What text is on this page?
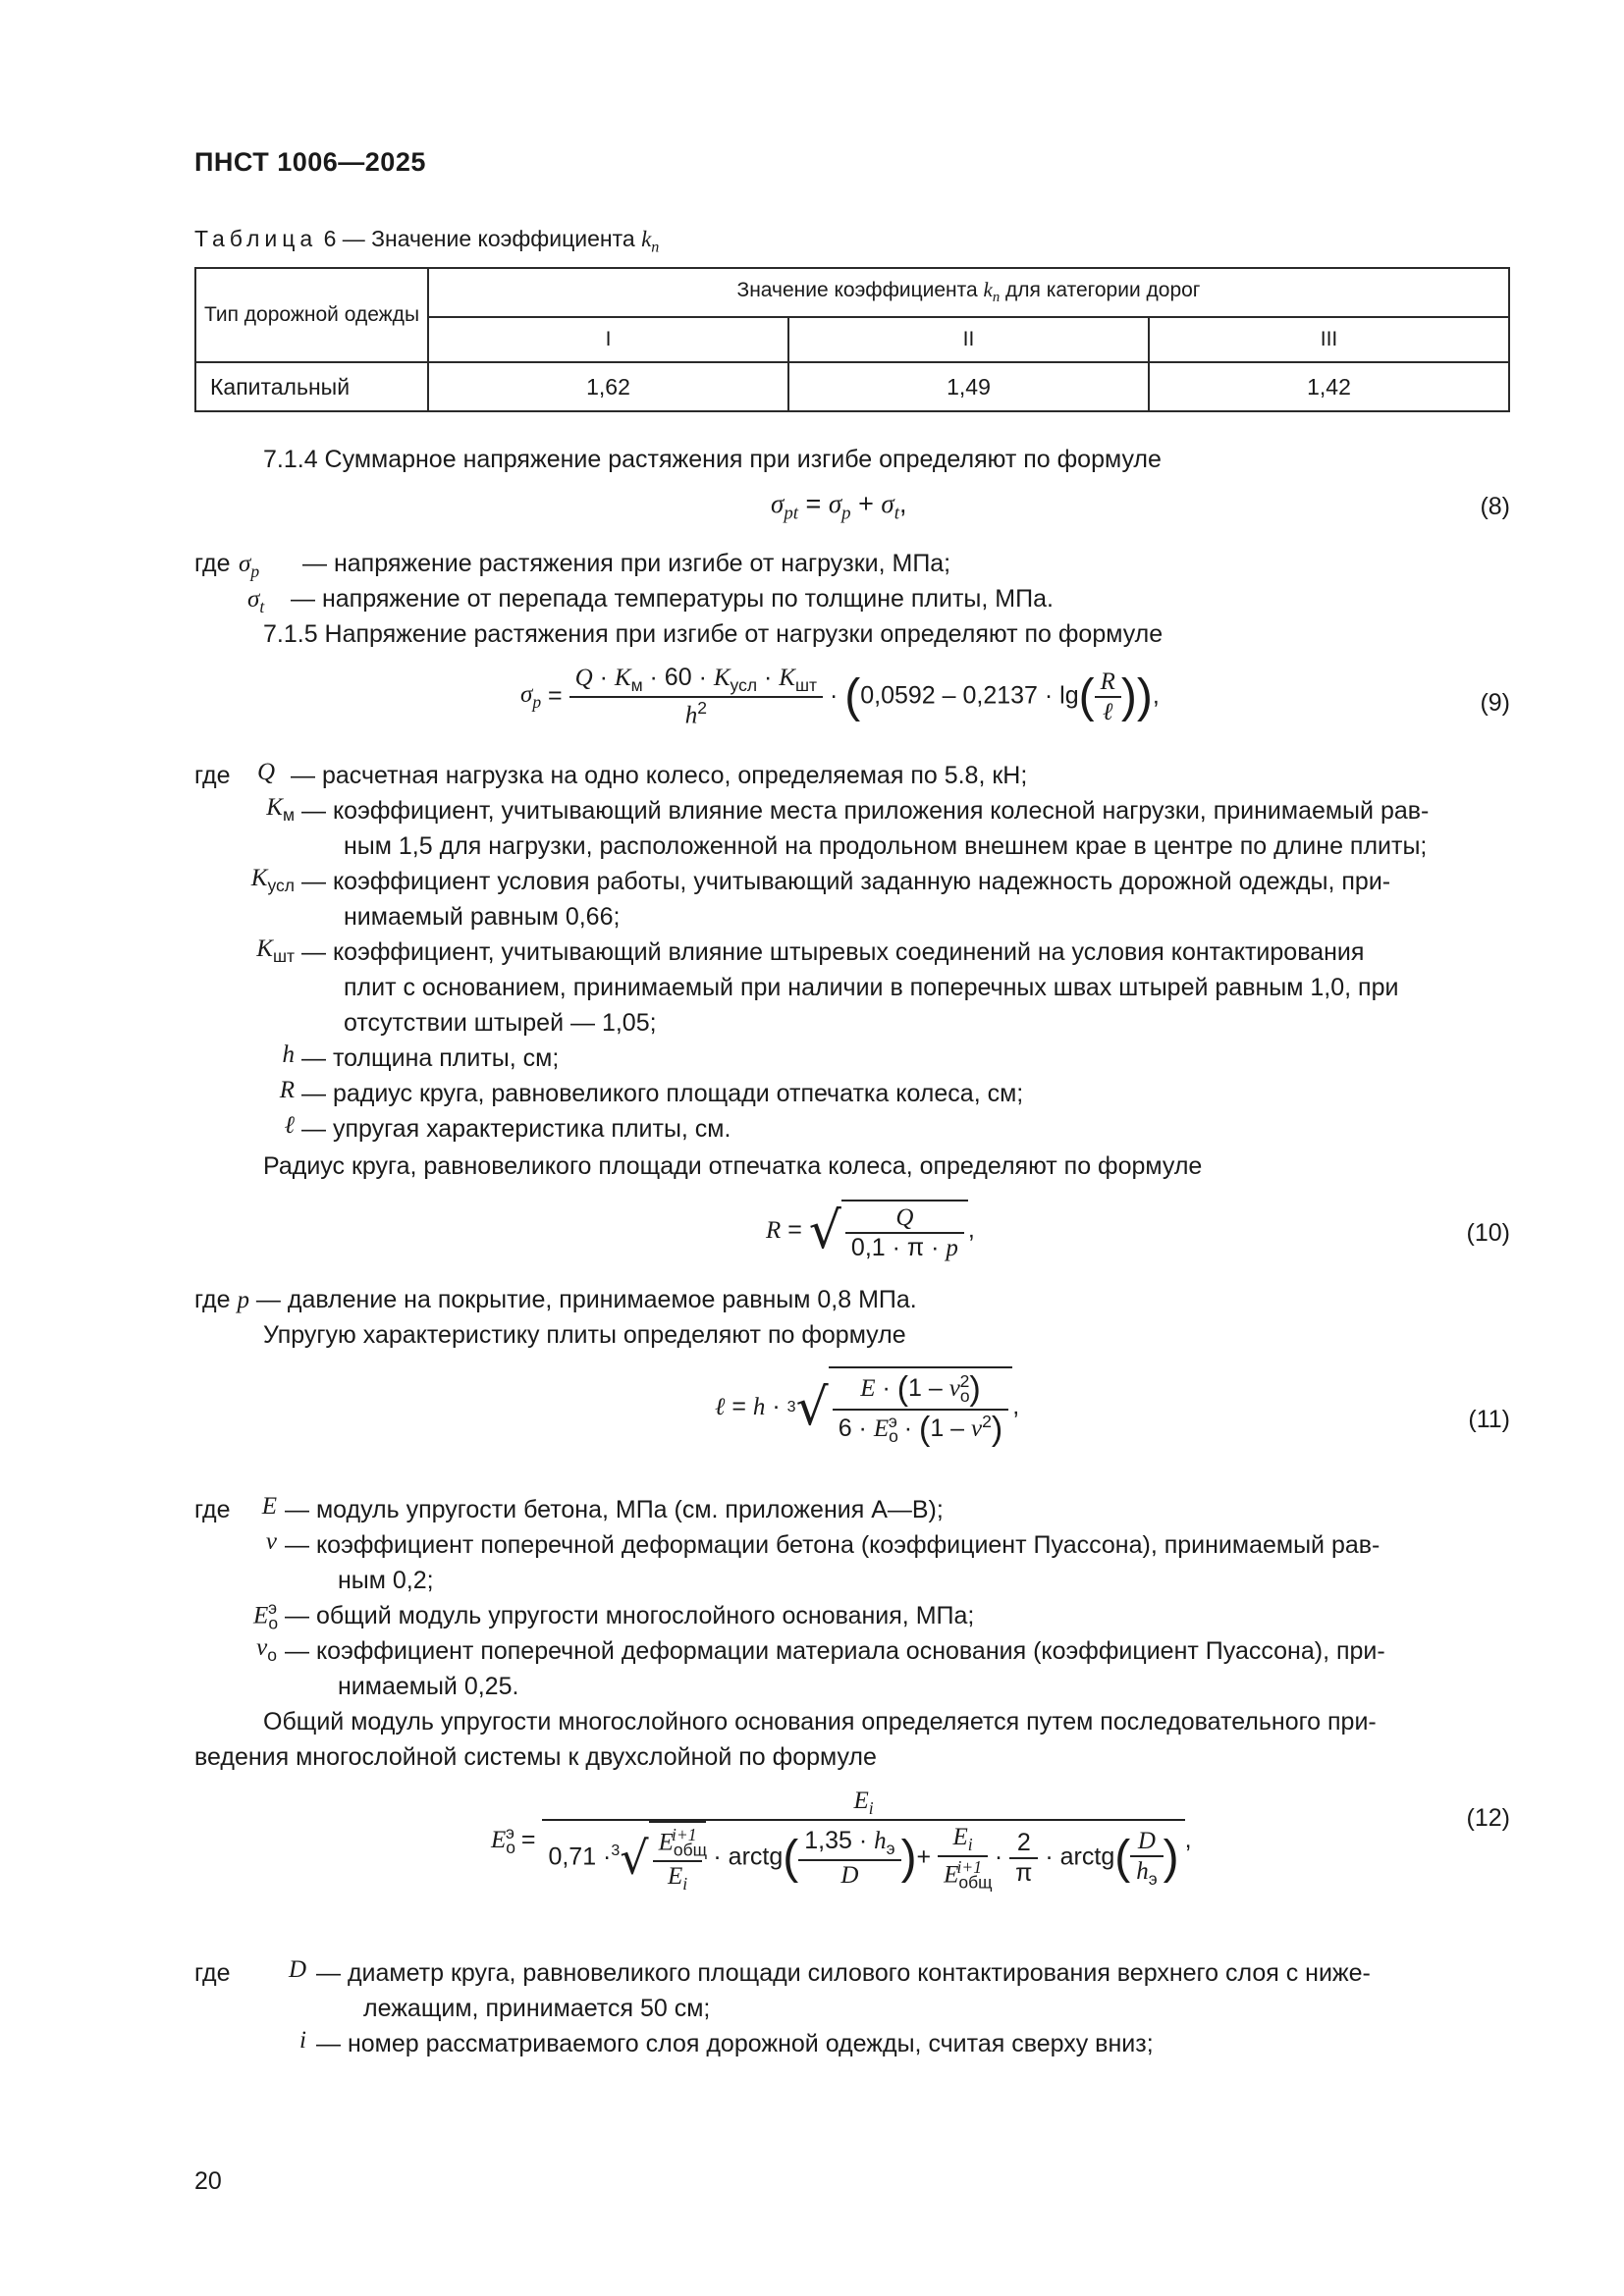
ПНСТ 1006—2025
Таблица 6 — Значение коэффициента $k_n$
Тип дорожной одежды	Значение коэффициента $k_n$ для категории дорог		
	I	II	III
Капитальный	1,62	1,49	1,42
7.1.4 Суммарное напряжение растяжения при изгибе определяют по формуле
$\sigma_{pt} = \sigma_p + \sigma_t$,	(8)
где $\sigma_p$ — напряжение растяжения при изгибе от нагрузки, МПа;
$\sigma_t$ — напряжение от перепада температуры по толщине плиты, МПа.
7.1.5 Напряжение растяжения при изгибе от нагрузки определяют по формуле
$\sigma_p = \frac{Q \cdot K_м \cdot 60 \cdot K_{усл} \cdot K_{шт}}{h^2} \cdot (0,0592 - 0,2137 \cdot \lg( \frac{R}{\text{ℓ}}$ )),	(9)
где	Q — расчетная нагрузка на одно колесо, определяемая по 5.8, кН;
$K_м$ — коэффициент, учитывающий влияние места приложения колесной нагрузки, принимаемый рав-
ным 1,5 для нагрузки, расположенной на продольном внешнем крае в центре по длине плиты;
$K_{усл}$ — коэффициент условия работы, учитывающий заданную надежность дорожной одежды, при-
нимаемый равным 0,66;
$K_{шт}$ — коэффициент, учитывающий влияние штыревых соединений на условия контактирования
плит с основанием, принимаемый при наличии в поперечных швах штырей равным 1,0, при
отсутствии штырей — 1,05;
h — толщина плиты, см;
R — радиус круга, равновеликого площади отпечатка колеса, см;
ℓ — упругая характеристика плиты, см.
Радиус круга, равновеликого площади отпечатка колеса, определяют по формуле
R = √ $\frac{Q}{0,1 \cdot \pi \cdot p}$ ,	(10)
где p — давление на покрытие, принимаемое равным 0,8 МПа.
Упругую характеристику плиты определяют по формуле
ℓ = $h \cdot 3√ \frac{E \cdot (1 - \nu_о^2)}{6 \cdot E_о^э \cdot (1 - \nu^2)}$ ,	(11)
где	E — модуль упругости бетона, МПа (см. приложения А—В);
ν — коэффициент поперечной деформации бетона (коэффициент Пуассона), принимаемый рав-
ным 0,2;
$E_о^э$ — общий модуль упругости многослойного основания, МПа;
$\nu_о$ — коэффициент поперечной деформации материала основания (коэффициент Пуассона), при-
нимаемый 0,25.
Общий модуль упругости многослойного основания определяется путем последовательного при-
ведения многослойной системы к двухслойной по формуле
$E_о^э$ =
$E_i$
$0,71 \cdot^3√ \frac{E_{общ}^{i+1}}{E_i}$ · arctg( $\frac{1,35 \cdot h_э}{D}$ )+ $\frac{E_i}{E_{общ}^{i+1}} \cdot \frac{2}{\pi}$ · arctg( $\frac{D}{h_э}$ ) ,
(12)
где	D — диаметр круга, равновеликого площади силового контактирования верхнего слоя с ниже-
лежащим, принимается 50 см;
i — номер рассматриваемого слоя дорожной одежды, считая сверху вниз;
20
